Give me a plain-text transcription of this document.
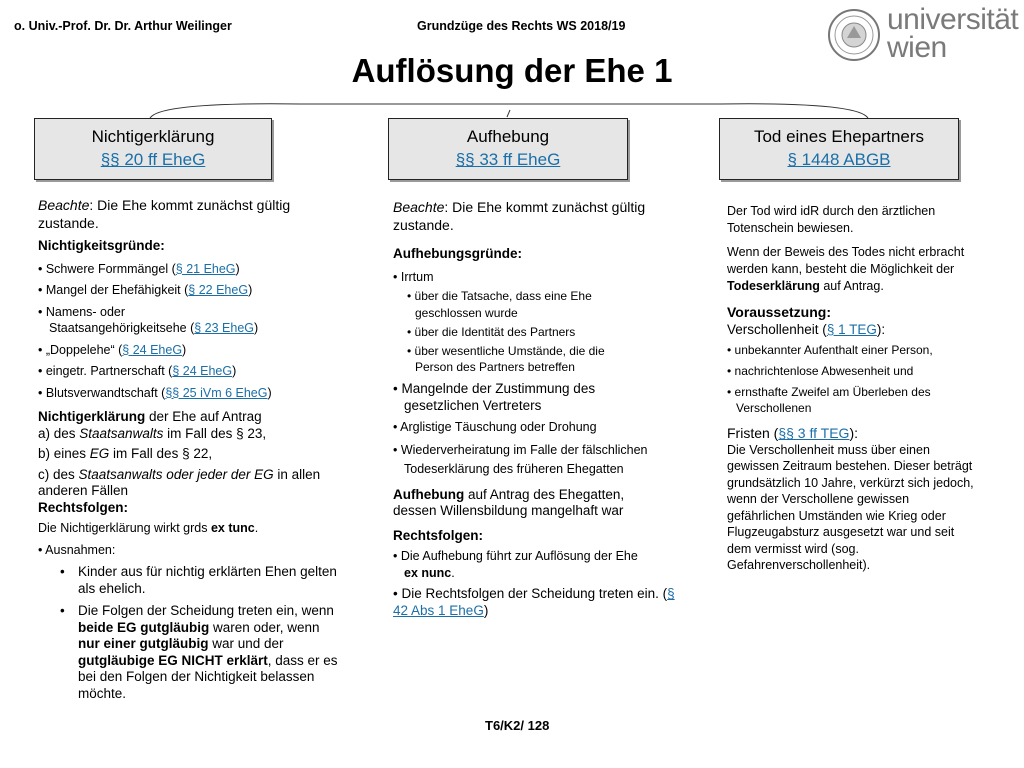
o. Univ.-Prof. Dr. Dr. Arthur Weilinger	Grundzüge des Rechts WS 2018/19	universität
wien
Auflösung der Ehe 1
Nichtigerklärung
§§ 20 ff EheG
Aufhebung
§§ 33 ff EheG
Tod eines Ehepartners
§ 1448 ABGB

Beachte: Die Ehe kommt zunächst gültig zustande.

Nichtigkeitsgründe:

• Schwere Formmängel (§ 21 EheG)

• Mangel der Ehefähigkeit (§ 22 EheG)

• Namens- oder
Staatsangehörigkeitsehe (§ 23 EheG)

• „Doppelehe“ (§ 24 EheG)

• eingetr. Partnerschaft (§ 24 EheG)

• Blutsverwandtschaft (§§ 25 iVm 6 EheG)

Nichtigerklärung der Ehe auf Antrag

a) des Staatsanwalts im Fall des § 23,

b) eines EG im Fall des § 22,

c) des Staatsanwalts oder jeder der EG in allen anderen Fällen

Rechtsfolgen:

Die Nichtigerklärung wirkt grds ex tunc.

• Ausnahmen:

• Kinder aus für nichtig erklärten Ehen gelten als ehelich.
• Die Folgen der Scheidung treten ein, wenn beide EG gutgläubig waren oder, wenn nur einer gutgläubig war und der gutgläubige EG NICHT erklärt, dass er es bei den Folgen der Nichtigkeit belassen möchte.

Beachte: Die Ehe kommt zunächst gültig zustande.

Aufhebungsgründe:

• Irrtum

• über die Tatsache, dass eine Ehe geschlossen wurde

• über die Identität des Partners

• über wesentliche Umstände, die die Person des Partners betreffen

• Mangelnde der Zustimmung des gesetzlichen Vertreters

• Arglistige Täuschung oder Drohung

• Wiederverheiratung im Falle der fälschlichen Todeserklärung des früheren Ehegatten

Aufhebung auf Antrag des Ehegatten, dessen Willensbildung mangelhaft war

Rechtsfolgen:

• Die Aufhebung führt zur Auflösung der Ehe ex nunc.

• Die Rechtsfolgen der Scheidung treten ein. (§ 42 Abs 1 EheG)

Der Tod wird idR durch den ärztlichen Totenschein bewiesen.

Wenn der Beweis des Todes nicht erbracht werden kann, besteht die Möglichkeit der Todeserklärung auf Antrag.

Voraussetzung:

Verschollenheit (§ 1 TEG):

• unbekannter Aufenthalt einer Person,

• nachrichtenlose Abwesenheit und

• ernsthafte Zweifel am Überleben des Verschollenen

Fristen (§§ 3 ff TEG):

Die Verschollenheit muss über einen gewissen Zeitraum bestehen. Dieser beträgt grundsätzlich 10 Jahre, verkürzt sich jedoch, wenn der Verschollene gewissen gefährlichen Umständen wie Krieg oder Flugzeugabsturz ausgesetzt war und seit dem vermisst wird (sog. Gefahrenverschollenheit).

T6/K2/ 128
